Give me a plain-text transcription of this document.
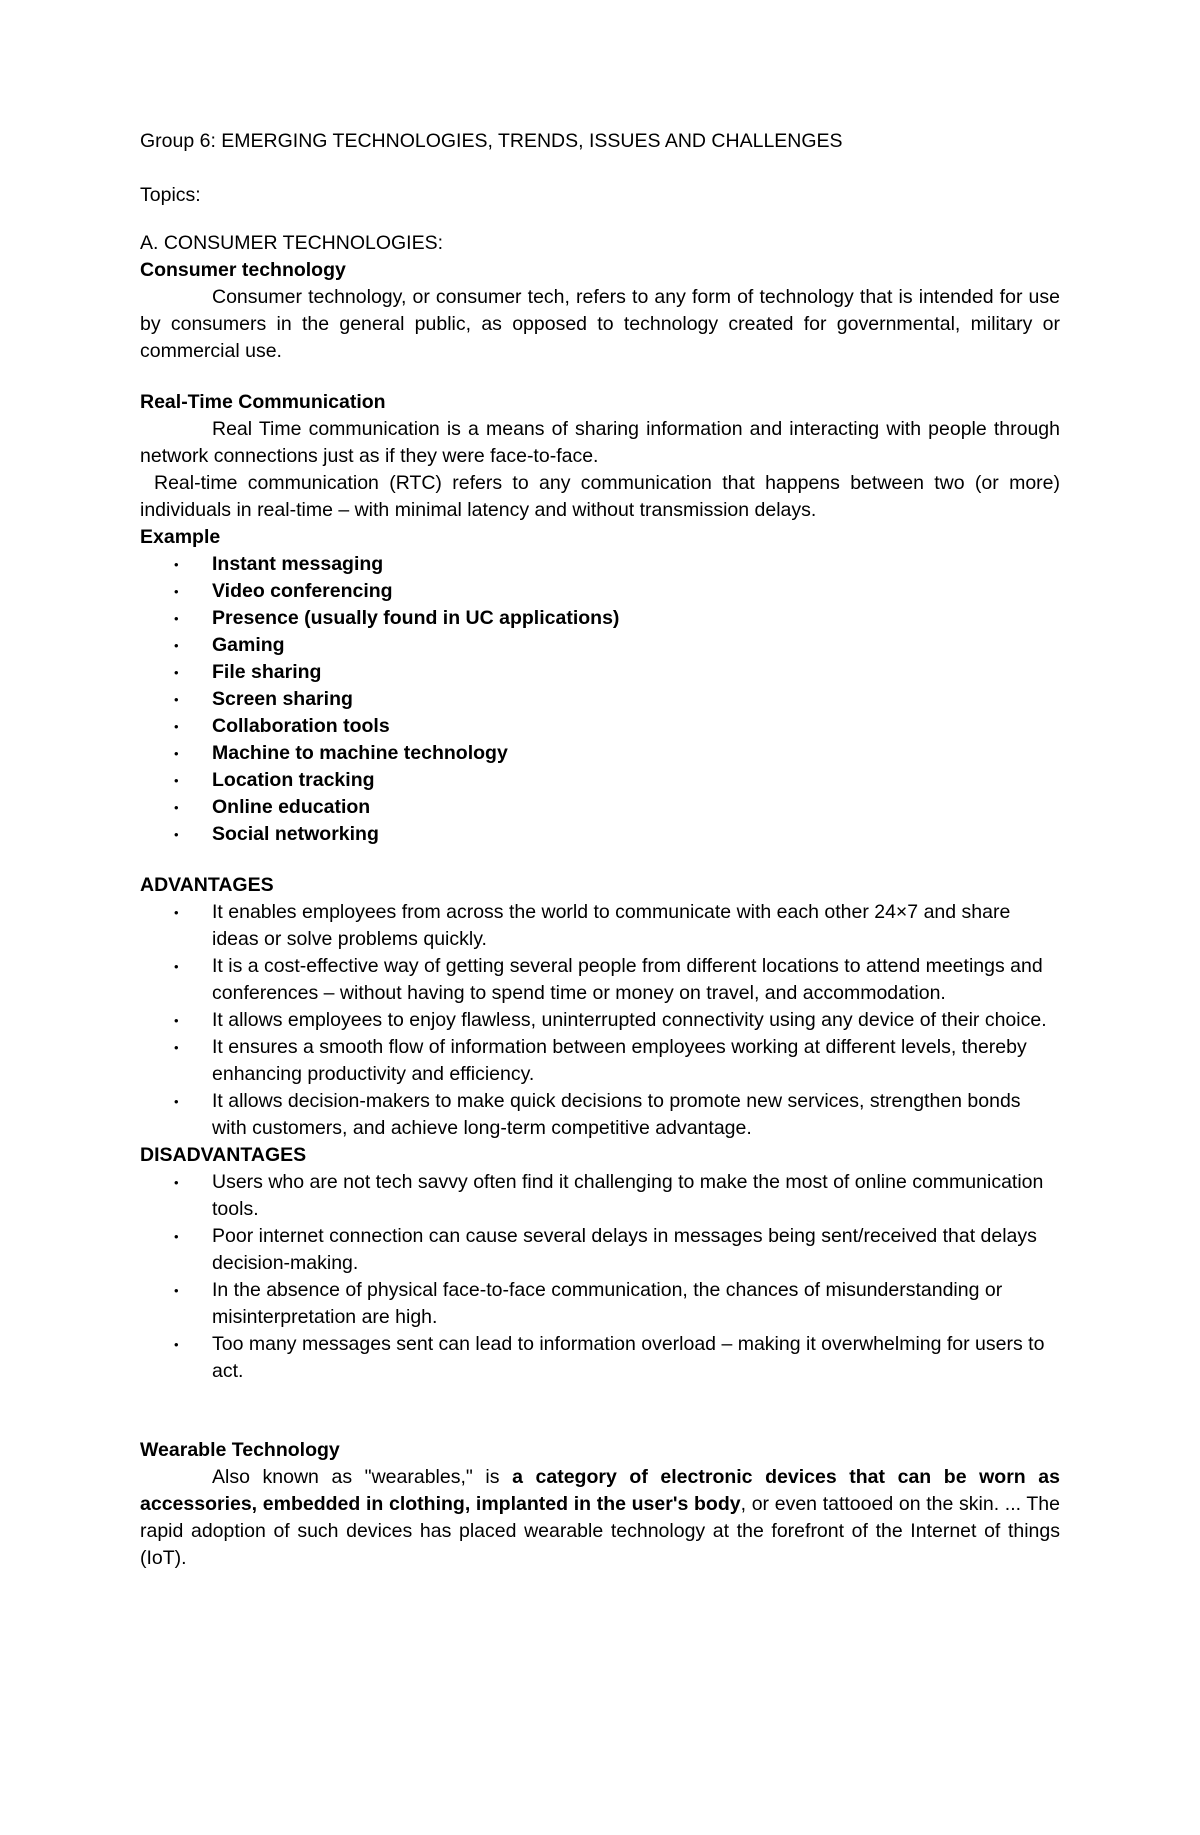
Group 6: EMERGING TECHNOLOGIES, TRENDS, ISSUES AND CHALLENGES

Topics:

A. CONSUMER TECHNOLOGIES:

Consumer technology

Consumer technology, or consumer tech, refers to any form of technology that is intended for use by consumers in the general public, as opposed to technology created for governmental, military or commercial use.

Real-Time Communication

Real Time communication is a means of sharing information and interacting with people through network connections just as if they were face-to-face.

Real-time communication (RTC) refers to any communication that happens between two (or more) individuals in real-time – with minimal latency and without transmission delays.

Example

• Instant messaging
• Video conferencing
• Presence (usually found in UC applications)
• Gaming
• File sharing
• Screen sharing
• Collaboration tools
• Machine to machine technology
• Location tracking
• Online education
• Social networking

ADVANTAGES

• It enables employees from across the world to communicate with each other 24×7 and share ideas or solve problems quickly.
• It is a cost-effective way of getting several people from different locations to attend meetings and conferences – without having to spend time or money on travel, and accommodation.
• It allows employees to enjoy flawless, uninterrupted connectivity using any device of their choice.
• It ensures a smooth flow of information between employees working at different levels, thereby enhancing productivity and efficiency.
• It allows decision-makers to make quick decisions to promote new services, strengthen bonds with customers, and achieve long-term competitive advantage.

DISADVANTAGES

• Users who are not tech savvy often find it challenging to make the most of online communication tools.
• Poor internet connection can cause several delays in messages being sent/received that delays decision-making.
• In the absence of physical face-to-face communication, the chances of misunderstanding or misinterpretation are high.
• Too many messages sent can lead to information overload – making it overwhelming for users to act.

Wearable Technology

Also known as "wearables," is a category of electronic devices that can be worn as accessories, embedded in clothing, implanted in the user's body, or even tattooed on the skin. ... The rapid adoption of such devices has placed wearable technology at the forefront of the Internet of things (IoT).
